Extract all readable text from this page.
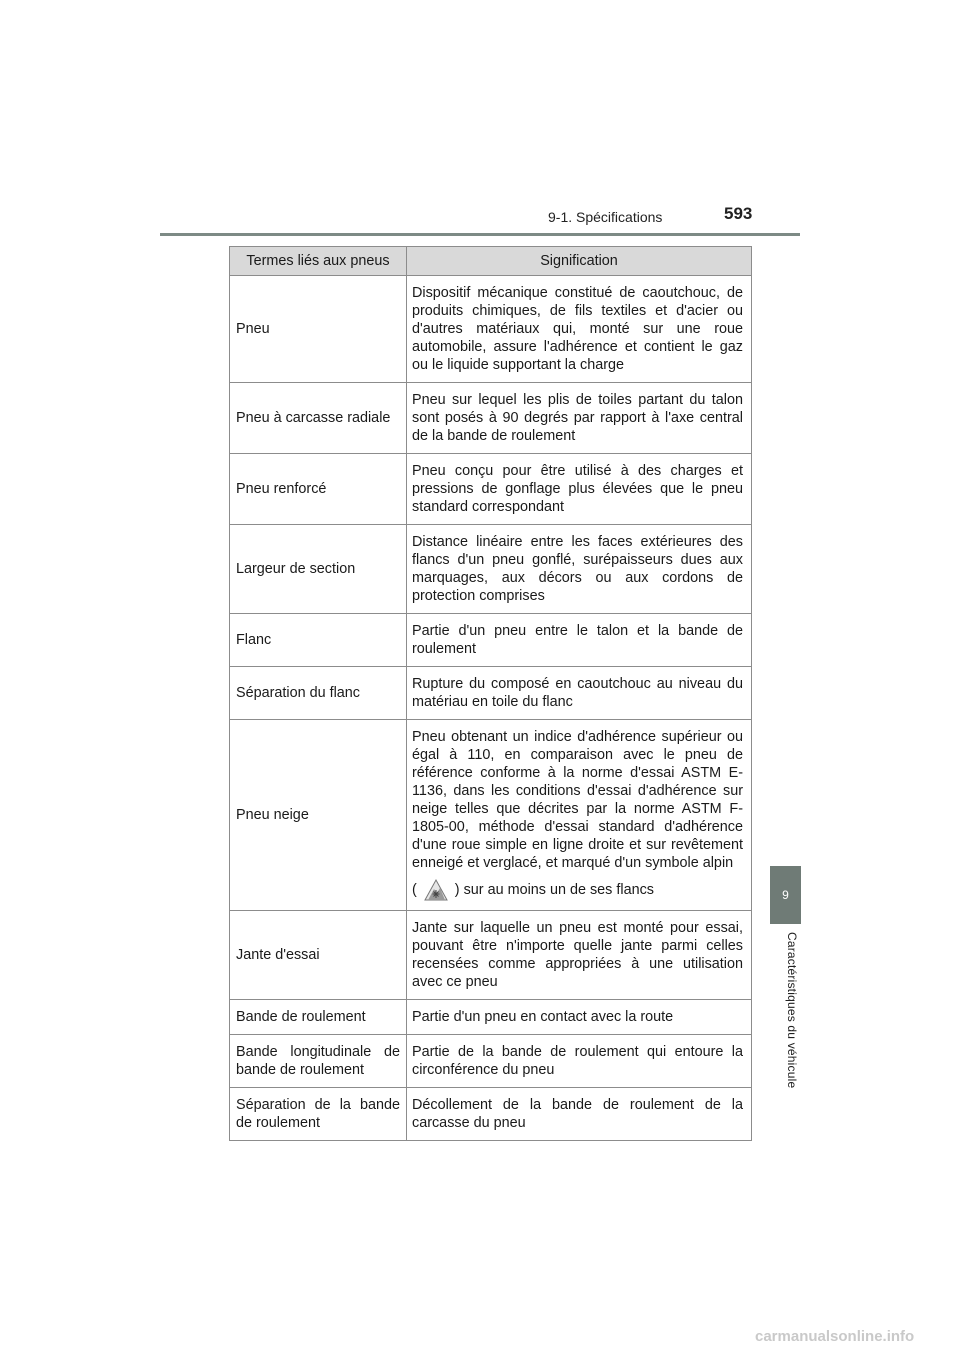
9-1. Spécifications	593
9
Caractéristiques du véhicule
Termes liés aux pneus	Signification
Pneu	Dispositif mécanique constitué de caoutchouc, de produits chimiques, de fils textiles et d'acier ou d'autres matériaux qui, monté sur une roue automobile, assure l'adhérence et contient le gaz ou le liquide supportant la charge
Pneu à carcasse radiale	Pneu sur lequel les plis de toiles partant du talon sont posés à 90 degrés par rapport à l'axe central de la bande de roulement
Pneu renforcé	Pneu conçu pour être utilisé à des charges et pressions de gonflage plus élevées que le pneu standard correspondant
Largeur de section	Distance linéaire entre les faces extérieures des flancs d'un pneu gonflé, surépaisseurs dues aux marquages, aux décors ou aux cordons de protection comprises
Flanc	Partie d'un pneu entre le talon et la bande de roulement
Séparation du flanc	Rupture du composé en caoutchouc au niveau du matériau en toile du flanc
Pneu neige	Pneu obtenant un indice d'adhérence supérieur ou égal à 110, en comparaison avec le pneu de référence conforme à la norme d'essai ASTM E-1136, dans les conditions d'essai d'adhérence sur neige telles que décrites par la norme ASTM F-1805-00, méthode d'essai standard d'adhérence d'une roue simple en ligne droite et sur revêtement enneigé et verglacé, et marqué d'un symbole alpin
( ) sur au moins un de ses flancs

Jante d'essai	Jante sur laquelle un pneu est monté pour essai, pouvant être n'importe quelle jante parmi celles recensées comme appropriées à une utilisation avec ce pneu
Bande de roulement	Partie d'un pneu en contact avec la route
Bande longitudinale de bande de roulement	Partie de la bande de roulement qui entoure la circonférence du pneu
Séparation de la bande de roulement	Décollement de la bande de roulement de la carcasse du pneu
carmanualsonline.info
